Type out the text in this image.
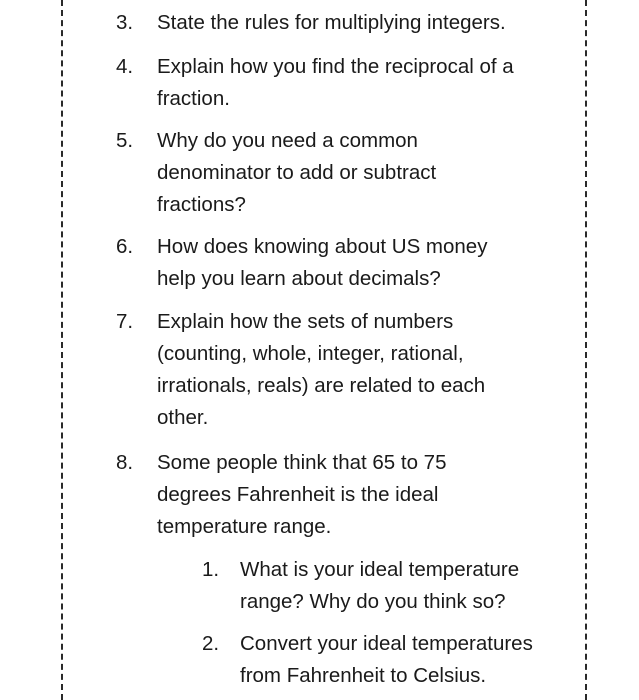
3. State the rules for multiplying integers.
4. Explain how you find the reciprocal of a
fraction.
5. Why do you need a common
denominator to add or subtract
fractions?
6. How does knowing about US money
help you learn about decimals?
7. Explain how the sets of numbers
(counting, whole, integer, rational,
irrationals, reals) are related to each
other.
8. Some people think that 65 to 75
degrees Fahrenheit is the ideal
temperature range.
1. What is your ideal temperature
range? Why do you think so?
2. Convert your ideal temperatures
from Fahrenheit to Celsius.
